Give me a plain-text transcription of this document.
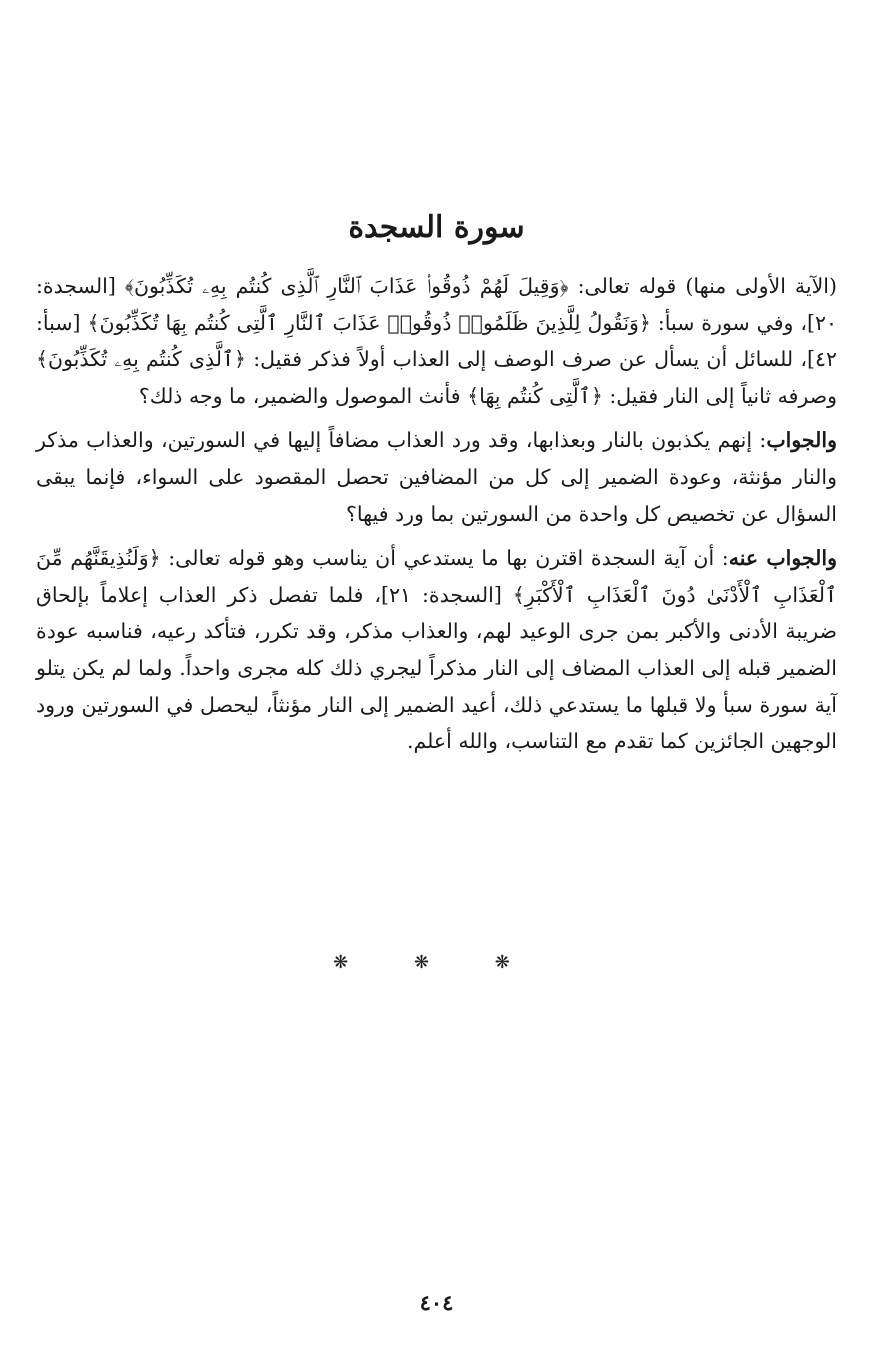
سورة السجدة

(الآية الأولى منها) قوله تعالى: ﴿وَقِيلَ لَهُمْ ذُوقُوا۟ عَذَابَ ٱلنَّارِ ٱلَّذِى كُنتُم بِهِۦ تُكَذِّبُونَ﴾ [السجدة: ٢٠]، وفي سورة سبأ: ﴿وَنَقُولُ لِلَّذِينَ ظَلَمُوا۟ ذُوقُوا۟ عَذَابَ ٱلنَّارِ ٱلَّتِى كُنتُم بِهَا تُكَذِّبُونَ﴾ [سبأ: ٤٢]، للسائل أن يسأل عن صرف الوصف إلى العذاب أولاً فذكر فقيل: ﴿ٱلَّذِى كُنتُم بِهِۦ تُكَذِّبُونَ﴾ وصرفه ثانياً إلى النار فقيل: ﴿ٱلَّتِى كُنتُم بِهَا﴾ فأنث الموصول والضمير، ما وجه ذلك؟

والجواب: إنهم يكذبون بالنار وبعذابها، وقد ورد العذاب مضافاً إليها في السورتين، والعذاب مذكر والنار مؤنثة، وعودة الضمير إلى كل من المضافين تحصل المقصود على السواء، فإنما يبقى السؤال عن تخصيص كل واحدة من السورتين بما ورد فيها؟

والجواب عنه: أن آية السجدة اقترن بها ما يستدعي أن يناسب وهو قوله تعالى: ﴿وَلَنُذِيقَنَّهُم مِّنَ ٱلْعَذَابِ ٱلْأَدْنَىٰ دُونَ ٱلْعَذَابِ ٱلْأَكْبَرِ﴾ [السجدة: ٢١]، فلما تفصل ذكر العذاب إعلاماً بإلحاق ضريبة الأدنى والأكبر بمن جرى الوعيد لهم، والعذاب مذكر، وقد تكرر، فتأكد رعيه، فناسبه عودة الضمير قبله إلى العذاب المضاف إلى النار مذكراً ليجري ذلك كله مجرى واحداً. ولما لم يكن يتلو آية سورة سبأ ولا قبلها ما يستدعي ذلك، أعيد الضمير إلى النار مؤنثاً، ليحصل في السورتين ورود الوجهين الجائزين كما تقدم مع التناسب، والله أعلم.

❋ ❋ ❋
٤٠٤
